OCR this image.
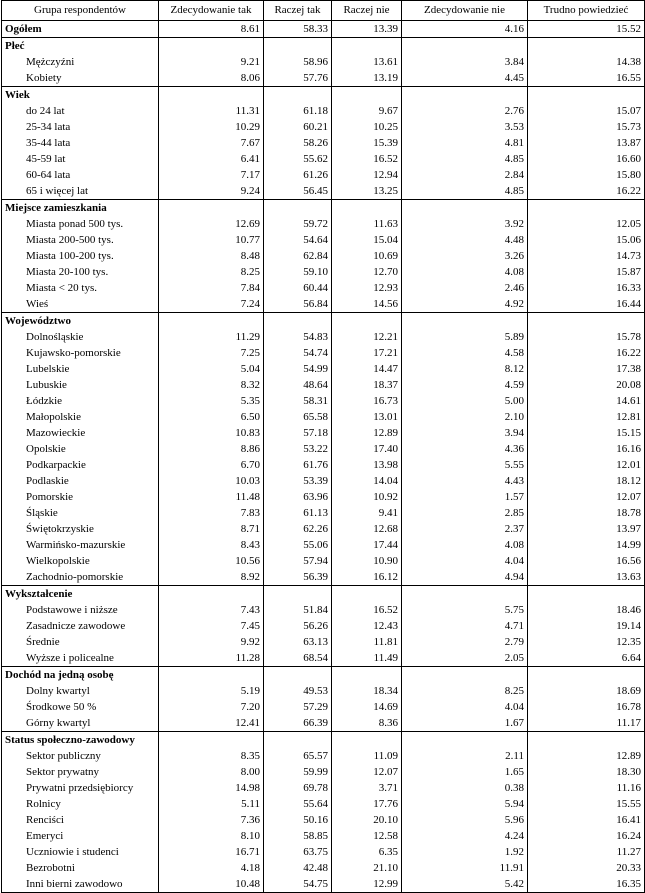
Grupa respondentów	Zdecydowanie tak	Raczej tak	Raczej nie	Zdecydowanie nie	Trudno powiedzieć
Ogółem	8.61	58.33	13.39	4.16	15.52
Płeć					
Mężczyźni	9.21	58.96	13.61	3.84	14.38
Kobiety	8.06	57.76	13.19	4.45	16.55
Wiek					
do 24 lat	11.31	61.18	9.67	2.76	15.07
25-34 lata	10.29	60.21	10.25	3.53	15.73
35-44 lata	7.67	58.26	15.39	4.81	13.87
45-59 lat	6.41	55.62	16.52	4.85	16.60
60-64 lata	7.17	61.26	12.94	2.84	15.80
65 i więcej lat	9.24	56.45	13.25	4.85	16.22
Miejsce zamieszkania					
Miasta ponad 500 tys.	12.69	59.72	11.63	3.92	12.05
Miasta 200-500 tys.	10.77	54.64	15.04	4.48	15.06
Miasta 100-200 tys.	8.48	62.84	10.69	3.26	14.73
Miasta 20-100 tys.	8.25	59.10	12.70	4.08	15.87
Miasta < 20 tys.	7.84	60.44	12.93	2.46	16.33
Wieś	7.24	56.84	14.56	4.92	16.44
Województwo					
Dolnośląskie	11.29	54.83	12.21	5.89	15.78
Kujawsko-pomorskie	7.25	54.74	17.21	4.58	16.22
Lubelskie	5.04	54.99	14.47	8.12	17.38
Lubuskie	8.32	48.64	18.37	4.59	20.08
Łódzkie	5.35	58.31	16.73	5.00	14.61
Małopolskie	6.50	65.58	13.01	2.10	12.81
Mazowieckie	10.83	57.18	12.89	3.94	15.15
Opolskie	8.86	53.22	17.40	4.36	16.16
Podkarpackie	6.70	61.76	13.98	5.55	12.01
Podlaskie	10.03	53.39	14.04	4.43	18.12
Pomorskie	11.48	63.96	10.92	1.57	12.07
Śląskie	7.83	61.13	9.41	2.85	18.78
Świętokrzyskie	8.71	62.26	12.68	2.37	13.97
Warmińsko-mazurskie	8.43	55.06	17.44	4.08	14.99
Wielkopolskie	10.56	57.94	10.90	4.04	16.56
Zachodnio-pomorskie	8.92	56.39	16.12	4.94	13.63
Wykształcenie					
Podstawowe i niższe	7.43	51.84	16.52	5.75	18.46
Zasadnicze zawodowe	7.45	56.26	12.43	4.71	19.14
Średnie	9.92	63.13	11.81	2.79	12.35
Wyższe i policealne	11.28	68.54	11.49	2.05	6.64
Dochód na jedną osobę					
Dolny kwartyl	5.19	49.53	18.34	8.25	18.69
Środkowe 50 %	7.20	57.29	14.69	4.04	16.78
Górny kwartyl	12.41	66.39	8.36	1.67	11.17
Status społeczno-zawodowy					
Sektor publiczny	8.35	65.57	11.09	2.11	12.89
Sektor prywatny	8.00	59.99	12.07	1.65	18.30
Prywatni przedsiębiorcy	14.98	69.78	3.71	0.38	11.16
Rolnicy	5.11	55.64	17.76	5.94	15.55
Renciści	7.36	50.16	20.10	5.96	16.41
Emeryci	8.10	58.85	12.58	4.24	16.24
Uczniowie i studenci	16.71	63.75	6.35	1.92	11.27
Bezrobotni	4.18	42.48	21.10	11.91	20.33
Inni bierni zawodowo	10.48	54.75	12.99	5.42	16.35
